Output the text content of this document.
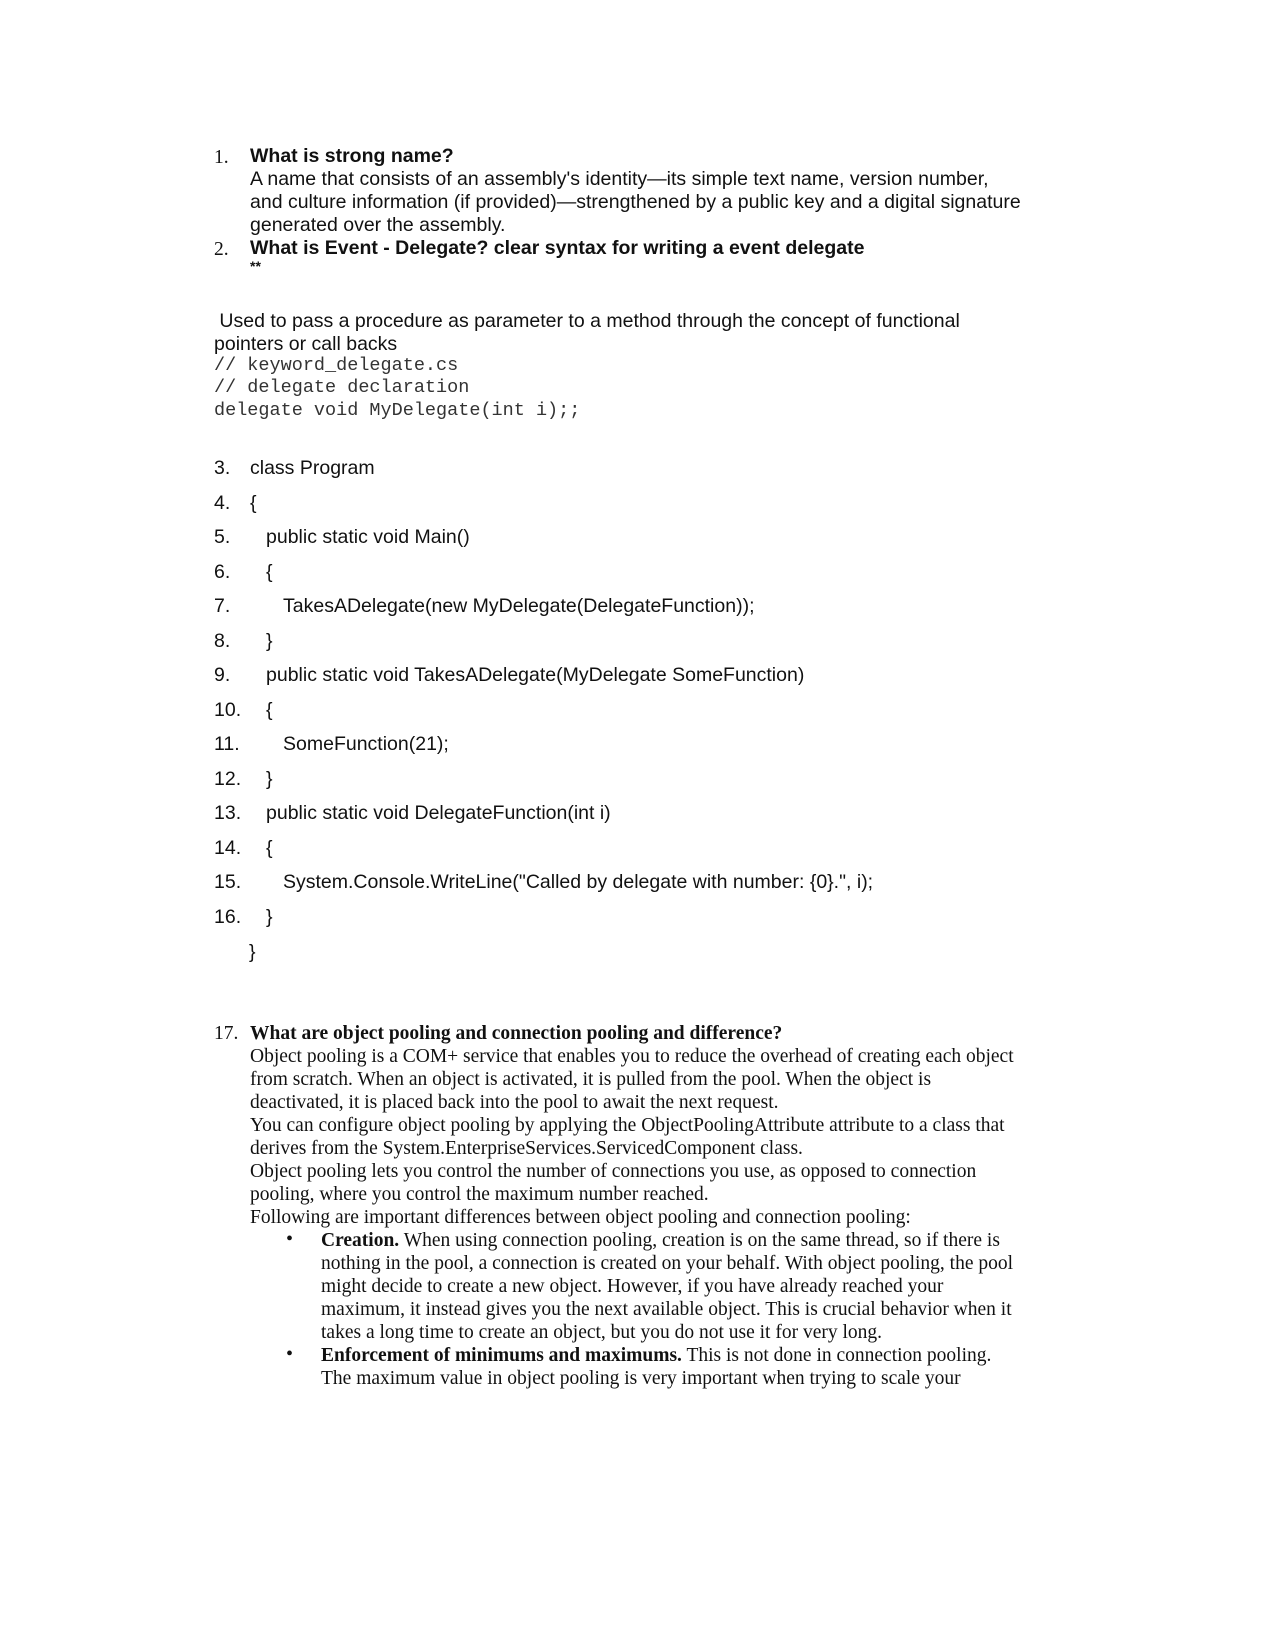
1. What is strong name?
A name that consists of an assembly's identity—its simple text name, version number,
and culture information (if provided)—strengthened by a public key and a digital signature
generated over the assembly.
2. What is Event - Delegate? clear syntax for writing a event delegate
**
Used to pass a procedure as parameter to a method through the concept of functional
pointers or call backs
// keyword_delegate.cs
// delegate declaration
delegate void MyDelegate(int i);;
3. class Program
4. {
5. public static void Main()
6. {
7.	TakesADelegate(new MyDelegate(DelegateFunction));
8. }
9. public static void TakesADelegate(MyDelegate SomeFunction)
10. {
11. SomeFunction(21);
12. }
13. public static void DelegateFunction(int i)
14. {
15. System.Console.WriteLine("Called by delegate with number: {0}.", i);
16. }
}
17. What are object pooling and connection pooling and difference?
Object pooling is a COM+ service that enables you to reduce the overhead of creating each object
from scratch. When an object is activated, it is pulled from the pool. When the object is
deactivated, it is placed back into the pool to await the next request.
You can configure object pooling by applying the ObjectPoolingAttribute attribute to a class that
derives from the System.EnterpriseServices.ServicedComponent class.
Object pooling lets you control the number of connections you use, as opposed to connection
pooling, where you control the maximum number reached.
Following are important differences between object pooling and connection pooling:
• Creation. When using connection pooling, creation is on the same thread, so if there is
nothing in the pool, a connection is created on your behalf. With object pooling, the pool
might decide to create a new object. However, if you have already reached your
maximum, it instead gives you the next available object. This is crucial behavior when it
takes a long time to create an object, but you do not use it for very long.
• Enforcement of minimums and maximums. This is not done in connection pooling.
The maximum value in object pooling is very important when trying to scale your
